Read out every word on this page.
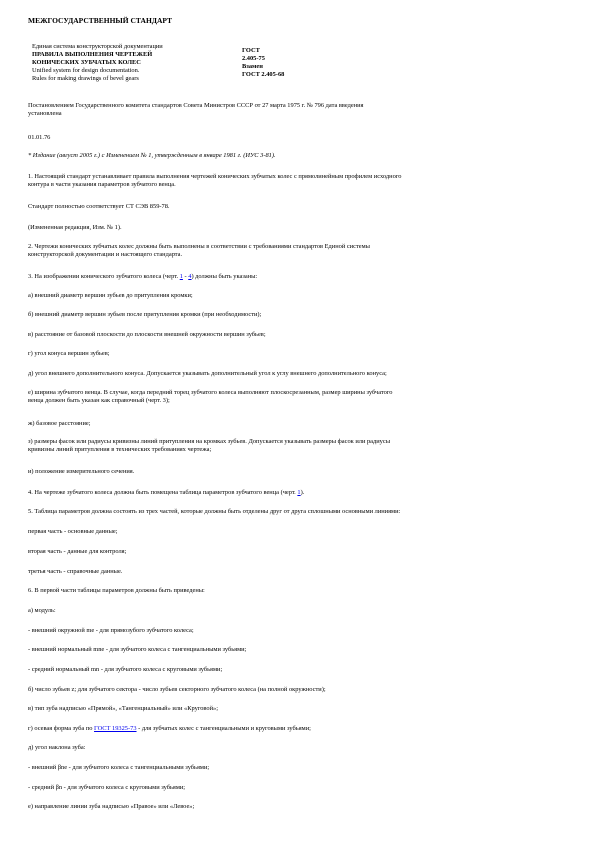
МЕЖГОСУДАРСТВЕННЫЙ СТАНДАРТ
Единая система конструкторской документации
ПРАВИЛА ВЫПОЛНЕНИЯ ЧЕРТЕЖЕЙ
КОНИЧЕСКИХ ЗУБЧАТЫХ КОЛЕС
Unified system for design documentation.
Rules for making drawings of bevel gears
ГОСТ
2.405-75
Взамен
ГОСТ 2.405-68
Постановлением Государственного комитета стандартов Совета Министров СССР от 27 марта 1975 г. № 796 дата введения
установлена
01.01.76
* Издание (август 2005 г.) с Изменением № 1, утвержденным в январе 1981 г. (ИУС 3-81).
1. Настоящий стандарт устанавливает правила выполнения чертежей конических зубчатых колес с прямолинейным профилем исходного
контура в части указания параметров зубчатого венца.
Стандарт полностью соответствует СТ СЭВ 859-78.
(Измененная редакция, Изм. № 1).
2. Чертежи конических зубчатых колес должны быть выполнены в соответствии с требованиями стандартов Единой системы
конструкторской документации и настоящего стандарта.
3. На изображении конического зубчатого колеса (черт. 1 - 4) должны быть указаны:
а) внешний диаметр вершин зубьев до притупления кромки;
б) внешний диаметр вершин зубьев после притупления кромки (при необходимости);
в) расстояние от базовой плоскости до плоскости внешней окружности вершин зубьев;
г) угол конуса вершин зубьев;
д) угол внешнего дополнительного конуса. Допускается указывать дополнительный угол к углу внешнего дополнительного конуса;
е) ширина зубчатого венца. В случае, когда передний торец зубчатого колеса выполняют плоскосрезанным, размер ширины зубчатого
венца должен быть указан как справочный (черт. 3);
ж) базовое расстояние;
з) размеры фасок или радиусы кривизны линий притупления на кромках зубьев. Допускается указывать размеры фасок или радиусы
кривизны линий притупления в технических требованиях чертежа;
и) положение измерительного сечения.
4. На чертеже зубчатого колеса должна быть помещена таблица параметров зубчатого венца (черт. 1).
5. Таблица параметров должна состоять из трех частей, которые должны быть отделены друг от друга сплошными основными линиями:
первая часть - основные данные;
вторая часть - данные для контроля;
третья часть - справочные данные.
6. В первой части таблицы параметров должны быть приведены:
а) модуль:
- внешний окружной me - для прямозубого зубчатого колеса;
- внешний нормальный mne - для зубчатого колеса с тангенциальными зубьями;
- средний нормальный mn - для зубчатого колеса с круговыми зубьями;
б) число зубьев z; для зубчатого сектора - число зубьев секторного зубчатого колеса (на полной окружности);
в) тип зуба надписью «Прямой», «Тангенциальный» или «Круговой»;
г) осевая форма зуба по ГОСТ 19325-73 - для зубчатых колес с тангенциальными и круговыми зубьями;
д) угол наклона зуба:
- внешний βne - для зубчатого колеса с тангенциальными зубьями;
- средний βn - для зубчатого колеса с круговыми зубьями;
е) направление линии зуба надписью «Правое» или «Левое»;
